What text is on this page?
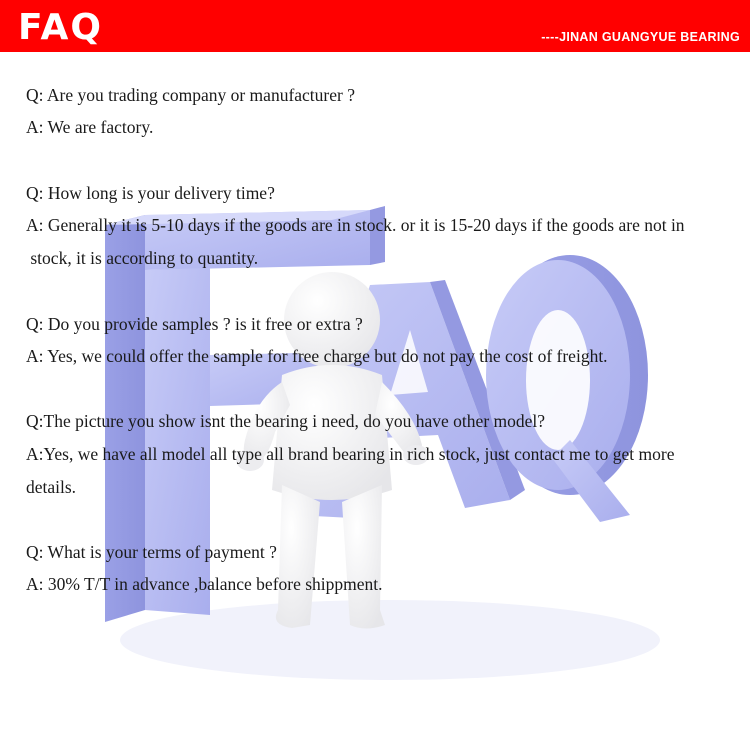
FAQ	----JINAN GUANGYUE BEARING
Q: Are you trading company or manufacturer ?
A: We are factory.
Q: How long is your delivery time?
A: Generally it is 5-10 days if the goods are in stock. or it is 15-20 days if the goods are not in
stock, it is according to quantity.
Q: Do you provide samples ? is it free or extra ?
A: Yes, we could offer the sample for free charge but do not pay the cost of freight.
Q:The picture you show isnt the bearing i need, do you have other model?
A:Yes, we have all model all type all brand bearing in rich stock, just contact me to get more
details.
Q: What is your terms of payment ?
A: 30% T/T in advance ,balance before shippment.
